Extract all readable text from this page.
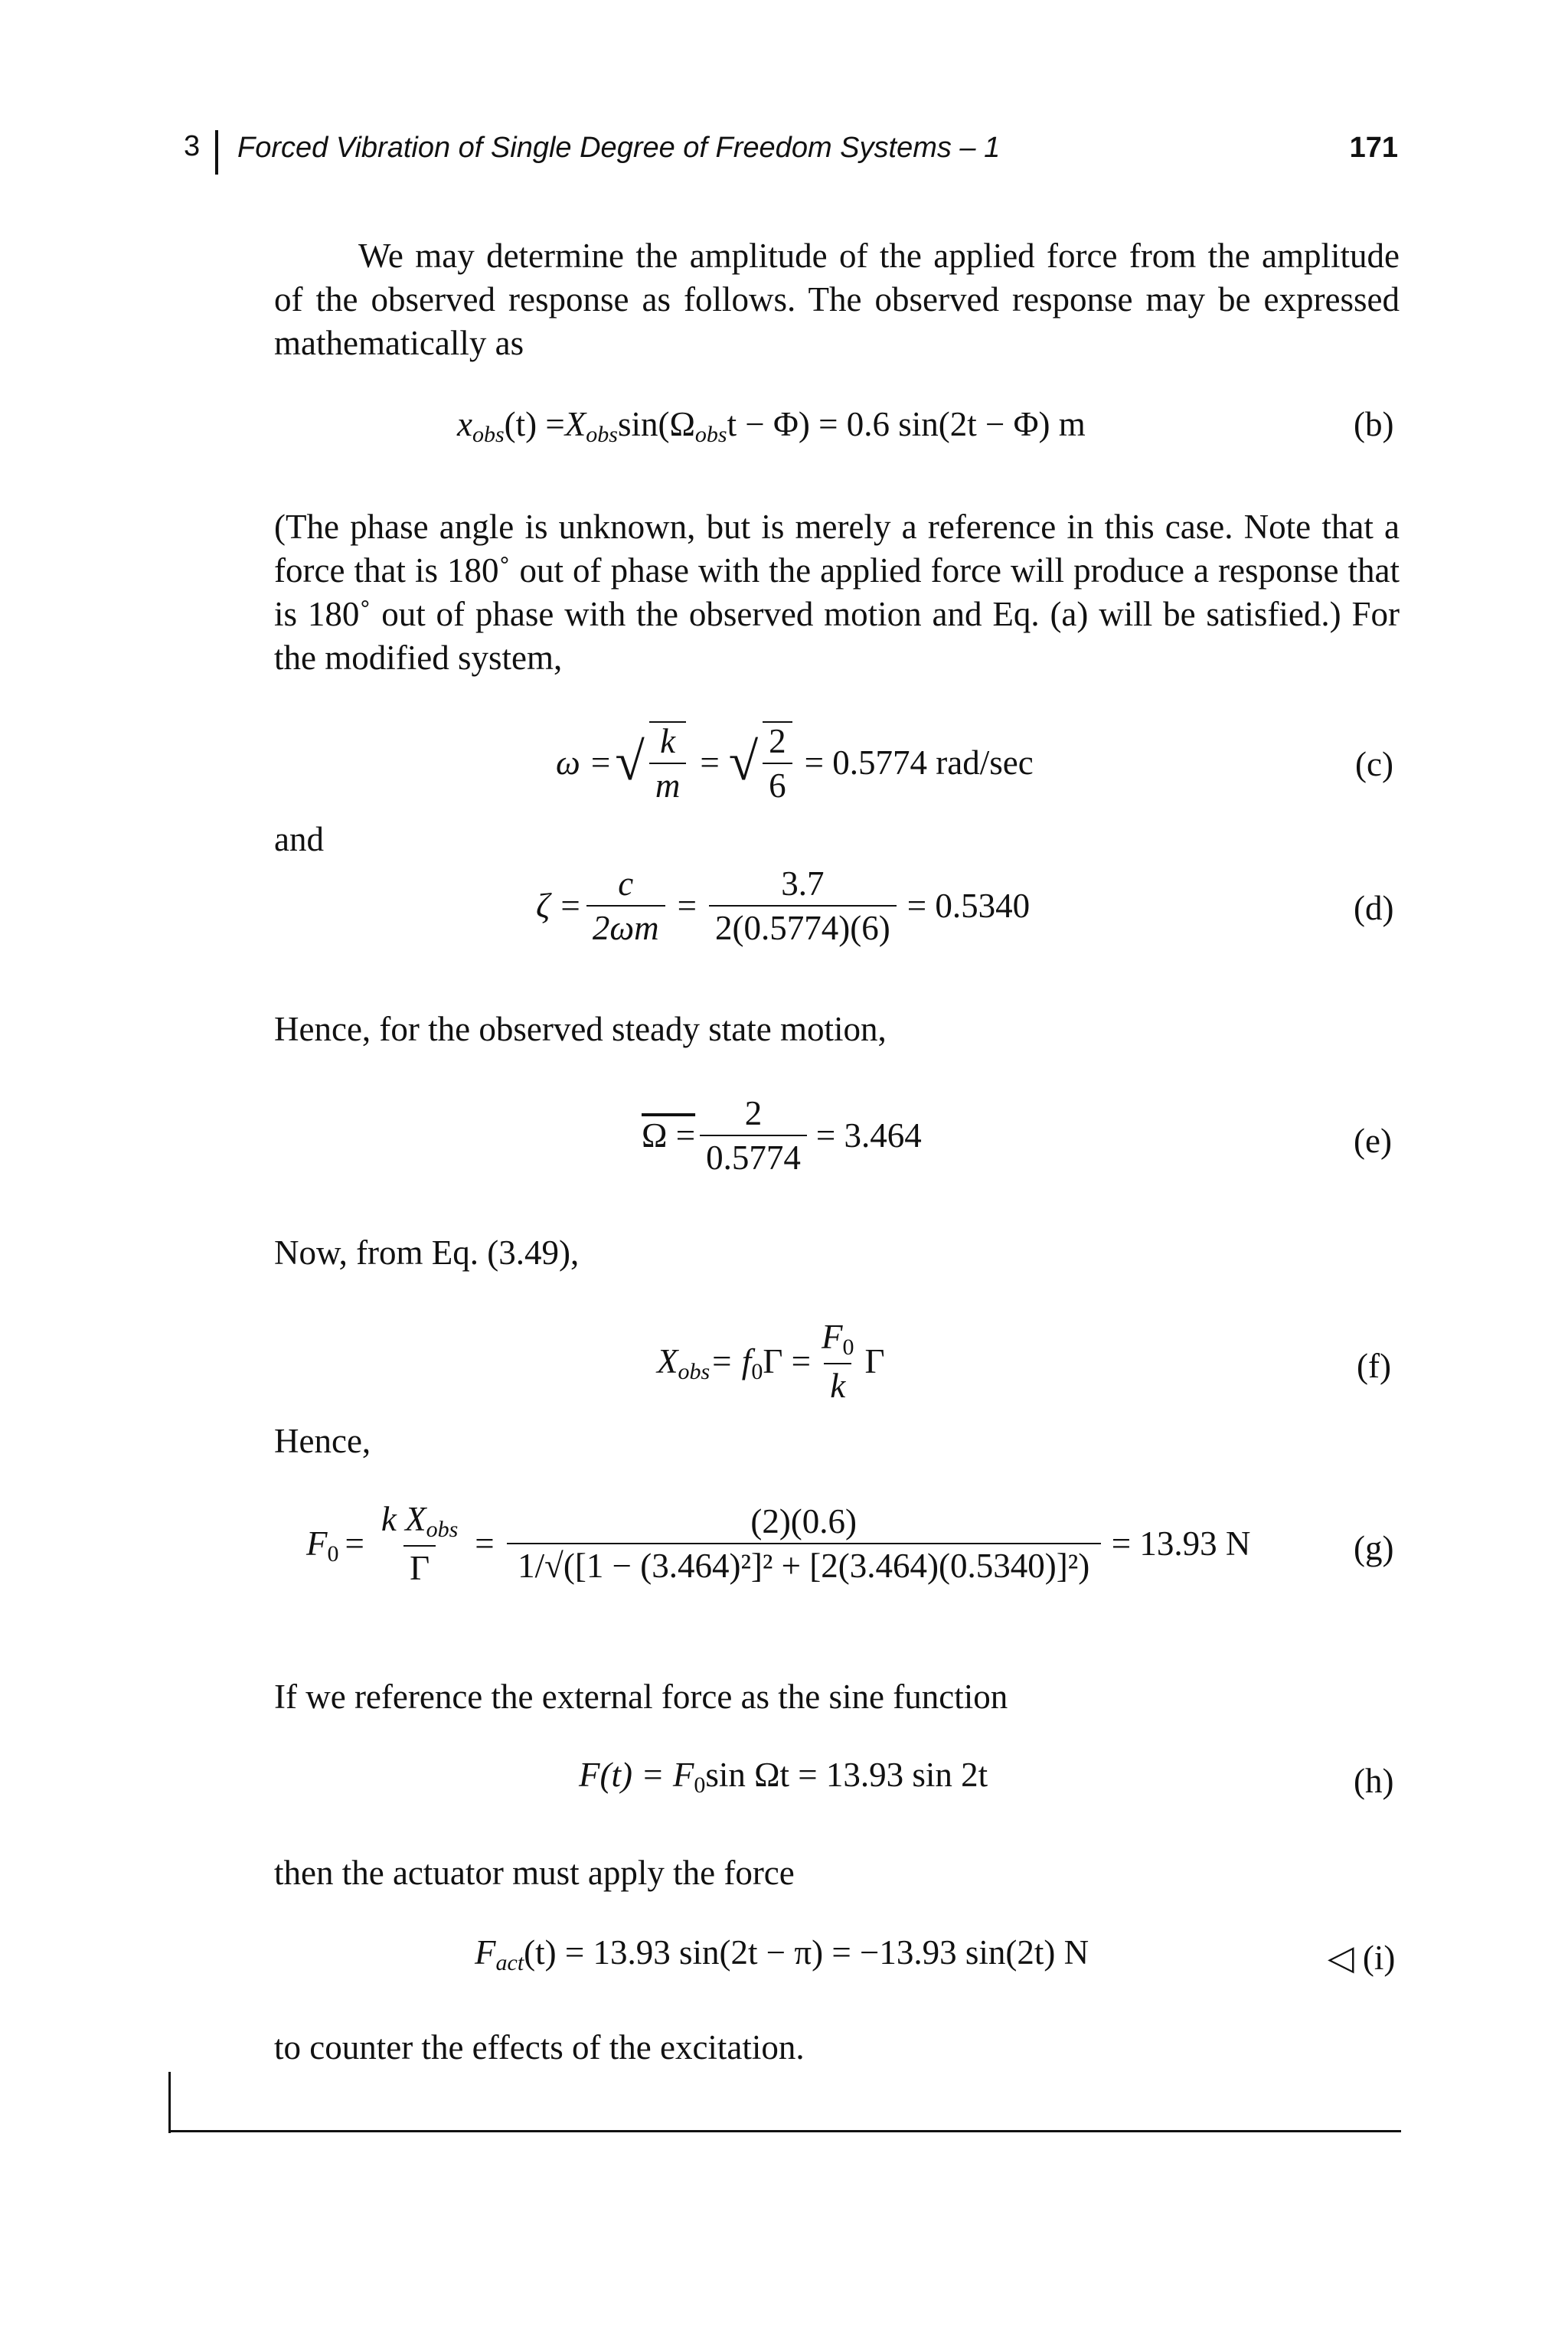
3 Forced Vibration of Single Degree of Freedom Systems – 1	171
We may determine the amplitude of the applied force from the amplitude of the observed response as follows. The observed response may be expressed mathematically as
x obs (t) = X obs sin(Ω obs t − Φ) = 0.6 sin(2t − Φ) m	(b)
(The phase angle is unknown, but is merely a reference in this case. Note that a force that is 180˚ out of phase with the applied force will produce a response that is 180˚ out of phase with the observed motion and Eq. (a) will be satisfied.) For the modified system,
ω = √ $\frac{k}{m}$ = √ $\frac{2}{6} = 0.5774$ rad/sec	(c)
and
$\zeta = \frac{c}{2\omega m} = \frac{3.7}{2(0.5774)(6)} = 0.5340$	(d)
Hence, for the observed steady state motion,
$\Omega = \frac{2}{0.5774} = 3.464$	(e)
Now, from Eq. (3.49),
X obs = f 0 $\Gamma = \frac{F0}{k}$ Γ	(f)
Hence,
F $0 = \frac{\text{k Xobs}}{\Gamma} = \frac{(2)(0.6)}{\text{1/√([1 − (3.464)²]² + [2(3.464)(0.5340)]²)}} = 13.93$ N	(g)
If we reference the external force as the sine function
F(t) = F 0 sin Ωt = 13.93 sin 2t	(h)
then the actuator must apply the force
F act (t) = 13.93 sin(2t − π) = −13.93 sin(2t) N	◁ (i)
to counter the effects of the excitation.
